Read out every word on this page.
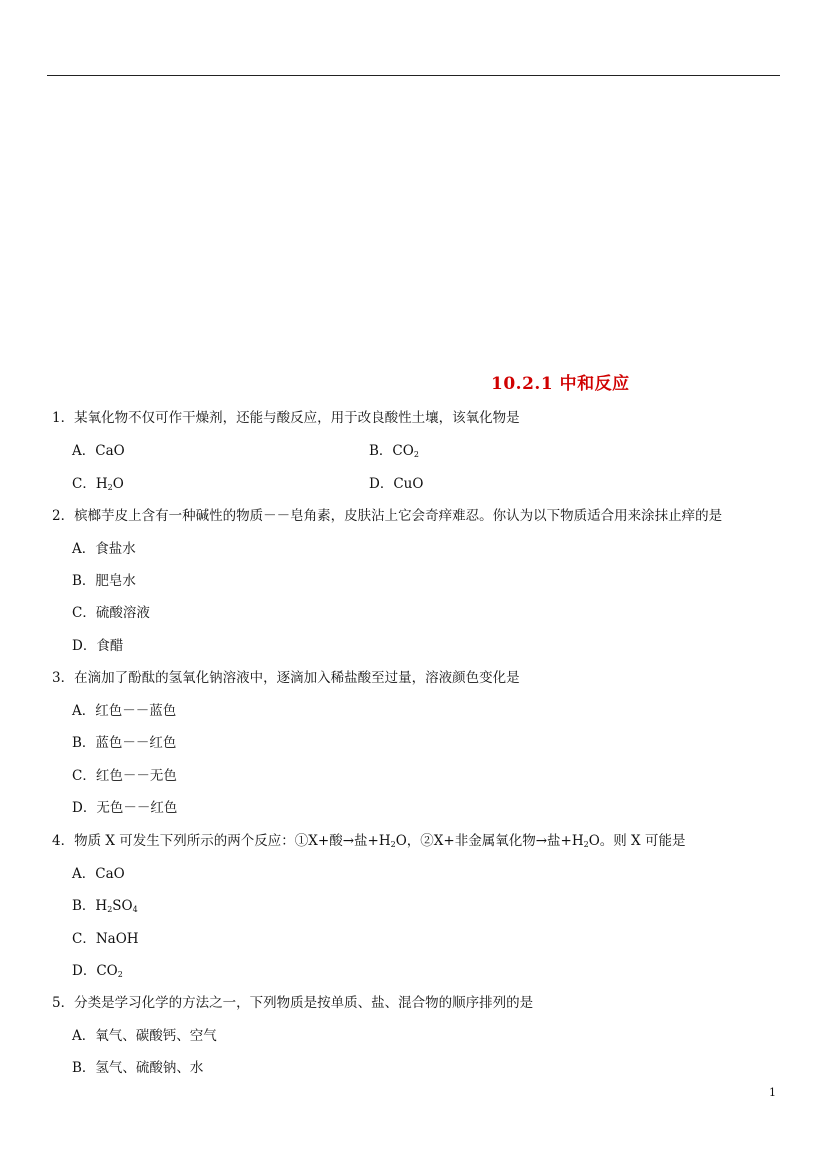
10.2.1 中和反应
1．某氧化物不仅可作干燥剂，还能与酸反应，用于改良酸性土壤，该氧化物是
A．CaO	B．$CO_2$
C．$H_2O$	D．CuO
2．槟榔芋皮上含有一种碱性的物质－－皂角素，皮肤沾上它会奇痒难忍。你认为以下物质适合用来涂抹止痒的是
A．食盐水
B．肥皂水
C．硫酸溶液
D．食醋
3．在滴加了酚酞的氢氧化钠溶液中，逐滴加入稀盐酸至过量，溶液颜色变化是
A．红色－－蓝色
B．蓝色－－红色
C．红色－－无色
D．无色－－红色
4．物质 X 可发生下列所示的两个反应：①X+酸→盐$+H_2O$，②X+非金属氧化物→盐$+H_2O$。则 X 可能是
A．CaO
B．$H_2SO_4$
C．NaOH
D．$CO_2$
5．分类是学习化学的方法之一，下列物质是按单质、盐、混合物的顺序排列的是
A．氧气、碳酸钙、空气
B．氢气、硫酸钠、水
1
